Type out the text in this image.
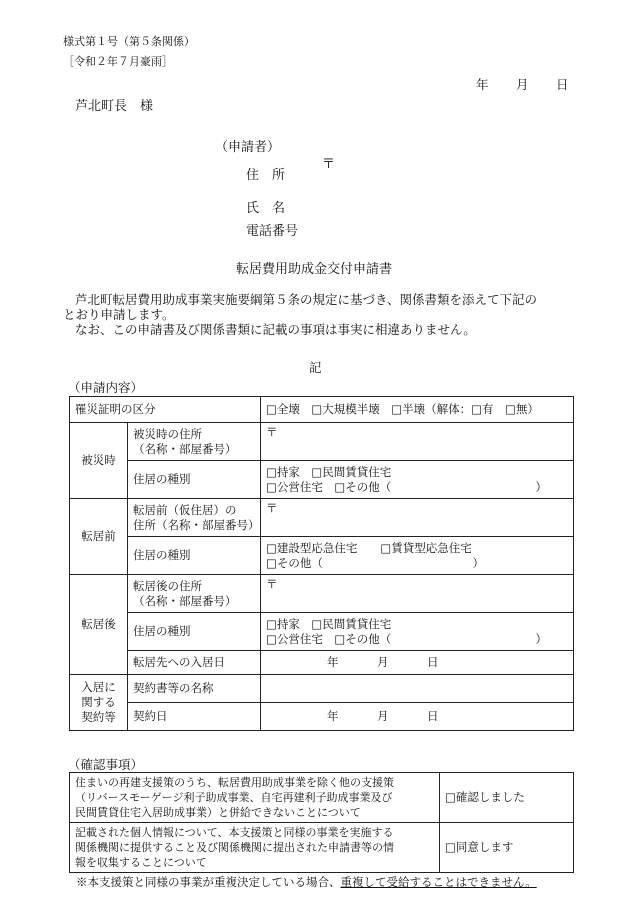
様式第１号（第５条関係）
［令和２年７月豪雨］
年 月 日
芦北町長　様
（申請者）
〒
住　所
氏　名
電話番号
転居費用助成金交付申請書
芦北町転居費用助成事業実施要綱第５条の規定に基づき、関係書類を添えて下記の
とおり申請します。
なお、この申請書及び関係書類に記載の事項は事実に相違ありません。
記
（申請内容）
罹災証明の区分		□全壊　□大規模半壊　□半壊（解体：□有　□無）
被災時	被災時の住所
（名称・部屋番号）	〒
	住居の種別	□持家　□民間賃貸住宅
□公営住宅　□その他（ ）

転居前	転居前（仮住居）の
住所（名称・部屋番号）	〒
	住居の種別	□建設型応急住宅　　□賃貸型応急住宅
□その他（ ）

転居後	転居後の住所
（名称・部屋番号）	〒
	住居の種別	□持家　□民間賃貸住宅
□公営住宅　□その他（ ）

	転居先への入居日	年 月 日

入居に
関する
契約等	契約書等の名称	
	契約日	年 月 日

（確認事項）
住まいの再建支援策のうち、転居費用助成事業を除く他の支援策
（リバースモーゲージ利子助成事業、自宅再建利子助成事業及び
民間賃貸住宅入居助成事業）と併給できないことについて	□確認しました
記載された個人情報について、本支援策と同様の事業を実施する
関係機関に提供すること及び関係機関に提出された申請書等の情
報を収集することについて	□同意します
※本支援策と同様の事業が重複決定している場合、重複して受給することはできません。
